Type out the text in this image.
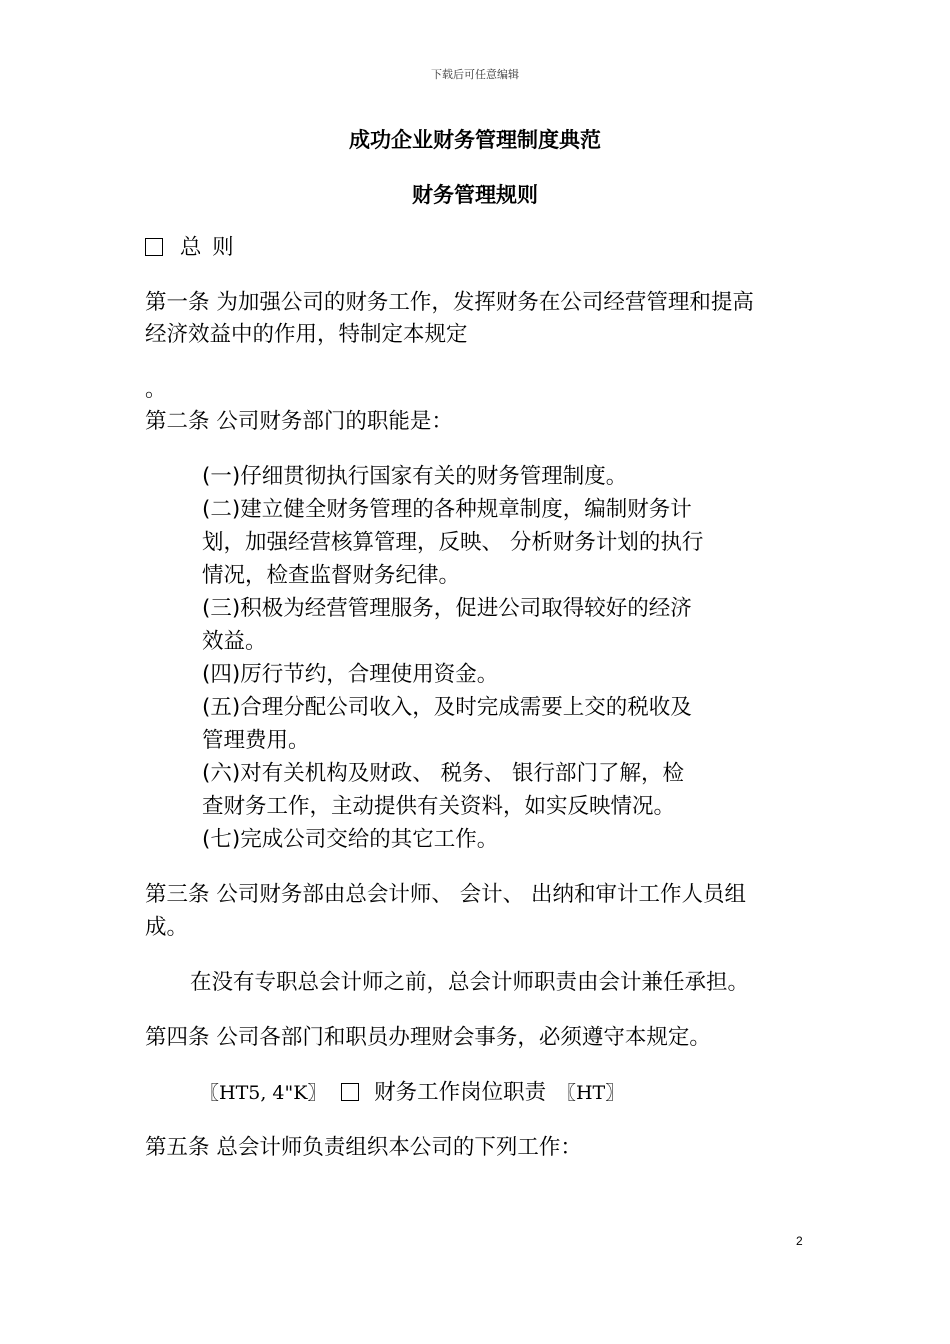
下载后可任意编辑
成功企业财务管理制度典范
财务管理规则
总 则
第一条 为加强公司的财务工作，发挥财务在公司经营管理和提高
经济效益中的作用，特制定本规定
。
第二条 公司财务部门的职能是：
(一)仔细贯彻执行国家有关的财务管理制度。
(二)建立健全财务管理的各种规章制度，编制财务计
划，加强经营核算管理，反映、 分析财务计划的执行
情况，检查监督财务纪律。
(三)积极为经营管理服务，促进公司取得较好的经济
效益。
(四)厉行节约，合理使用资金。
(五)合理分配公司收入，及时完成需要上交的税收及
管理费用。
(六)对有关机构及财政、 税务、 银行部门了解，检
查财务工作，主动提供有关资料，如实反映情况。
(七)完成公司交给的其它工作。
第三条 公司财务部由总会计师、 会计、 出纳和审计工作人员组
成。
在没有专职总会计师之前，总会计师职责由会计兼任承担。
第四条 公司各部门和职员办理财会事务，必须遵守本规定。
〖HT5, 4"K〗 财务工作岗位职责 〖HT〗
第五条 总会计师负责组织本公司的下列工作：
2
